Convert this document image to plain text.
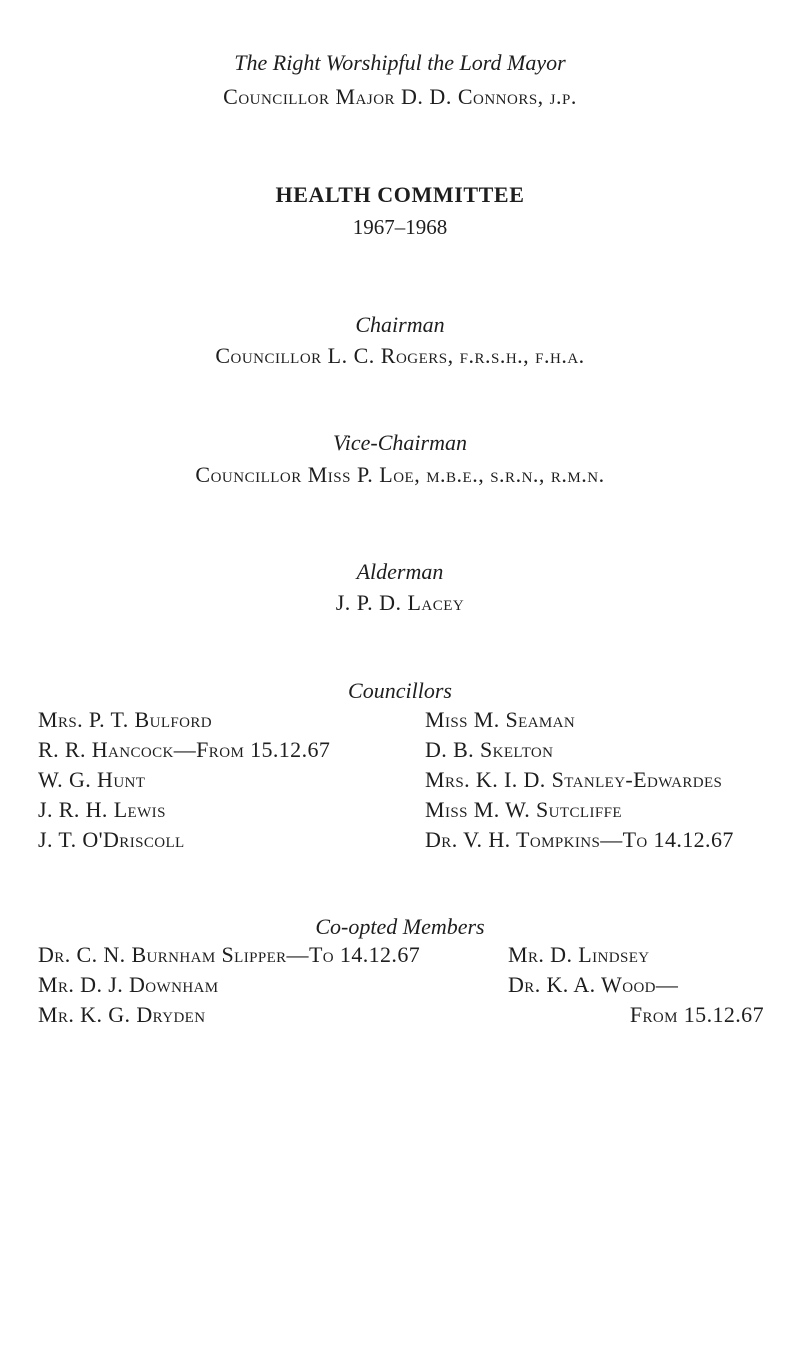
The Right Worshipful the Lord Mayor
Councillor Major D. D. Connors, j.p.
HEALTH COMMITTEE
1967–1968
Chairman
Councillor L. C. Rogers, f.r.s.h., f.h.a.
Vice-Chairman
Councillor Miss P. Loe, m.b.e., s.r.n., r.m.n.
Alderman
J. P. D. Lacey
Councillors
Mrs. P. T. Bulford
R. R. Hancock—From 15.12.67
W. G. Hunt
J. R. H. Lewis
J. T. O'Driscoll
Miss M. Seaman
D. B. Skelton
Mrs. K. I. D. Stanley-Edwardes
Miss M. W. Sutcliffe
Dr. V. H. Tompkins—To 14.12.67
Co-opted Members
Dr. C. N. Burnham Slipper—To 14.12.67
Mr. D. J. Downham
Mr. K. G. Dryden
Mr. D. Lindsey
Dr. K. A. Wood—
From 15.12.67
